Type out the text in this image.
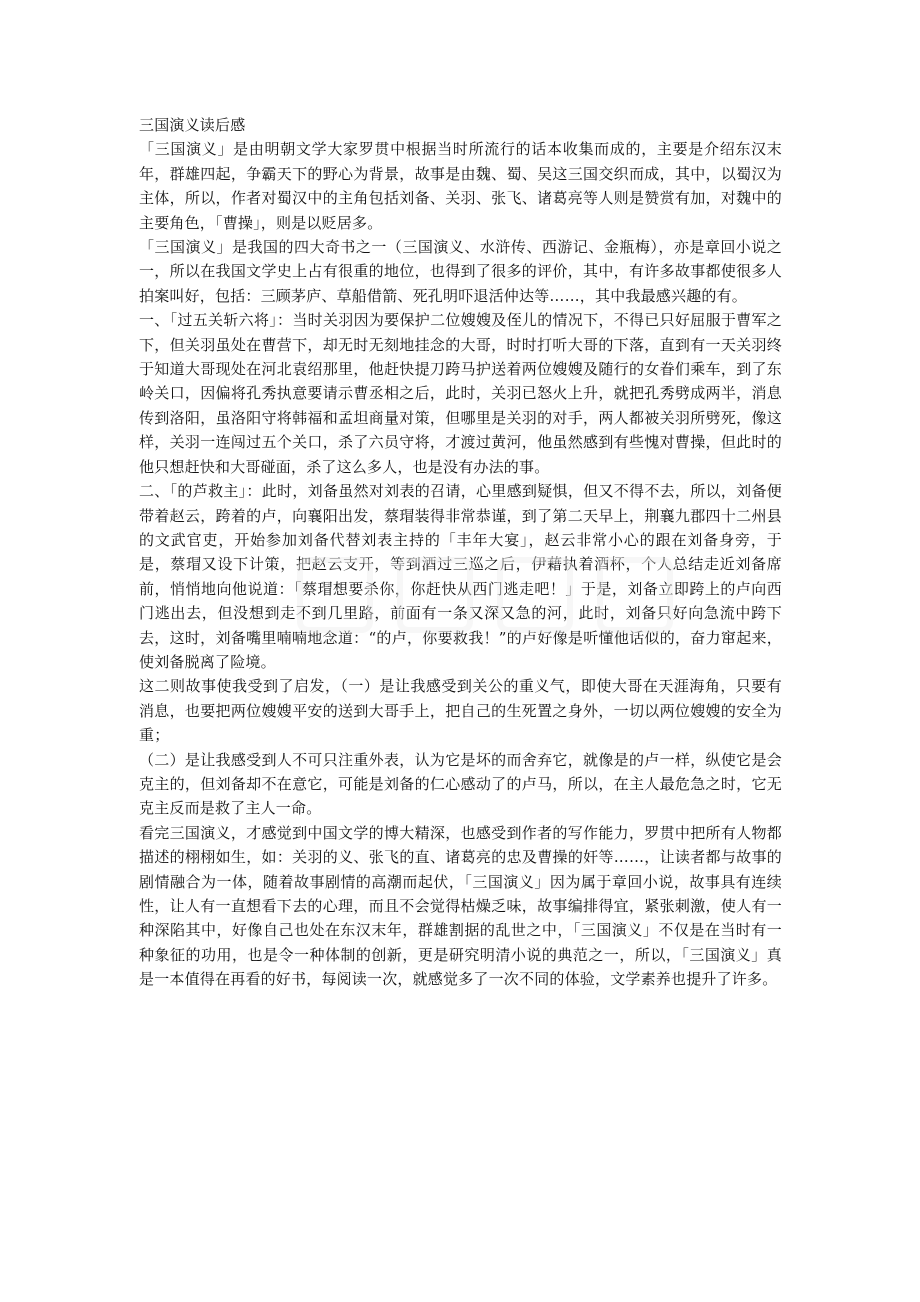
三国演义读后感

「三国演义」是由明朝文学大家罗贯中根据当时所流行的话本收集而成的，主要是介绍东汉末年，群雄四起，争霸天下的野心为背景，故事是由魏、蜀、吴这三国交织而成，其中，以蜀汉为主体，所以，作者对蜀汉中的主角包括刘备、关羽、张飞、诸葛亮等人则是赞赏有加，对魏中的主要角色，「曹操」，则是以贬居多。

「三国演义」是我国的四大奇书之一（三国演义、水浒传、西游记、金瓶梅），亦是章回小说之一，所以在我国文学史上占有很重的地位，也得到了很多的评价，其中，有许多故事都使很多人拍案叫好，包括：三顾茅庐、草船借箭、死孔明吓退活仲达等……，其中我最感兴趣的有。

一、「过五关斩六将」：当时关羽因为要保护二位嫂嫂及侄儿的情况下，不得已只好屈服于曹军之下，但关羽虽处在曹营下，却无时无刻地挂念的大哥，时时打听大哥的下落，直到有一天关羽终于知道大哥现处在河北袁绍那里，他赶快提刀跨马护送着两位嫂嫂及随行的女眷们乘车，到了东岭关口，因偏将孔秀执意要请示曹丞相之后，此时，关羽已怒火上升，就把孔秀劈成两半，消息传到洛阳，虽洛阳守将韩福和孟坦商量对策，但哪里是关羽的对手，两人都被关羽所劈死，像这样，关羽一连闯过五个关口，杀了六员守将，才渡过黄河，他虽然感到有些愧对曹操，但此时的他只想赶快和大哥碰面，杀了这么多人，也是没有办法的事。

二、「的芦救主」：此时，刘备虽然对刘表的召请，心里感到疑惧，但又不得不去，所以，刘备便带着赵云，跨着的卢，向襄阳出发，蔡瑁装得非常恭谨，到了第二天早上，荆襄九郡四十二州县的文武官吏，开始参加刘备代替刘表主持的「丰年大宴」，赵云非常小心的跟在刘备身旁，于是，蔡瑁又设下计策，把赵云支开，等到酒过三巡之后，伊藉执着酒杯，个人总结走近刘备席前，悄悄地向他说道：「蔡瑁想要杀你，你赶快从西门逃走吧！」于是，刘备立即跨上的卢向西门逃出去，但没想到走不到几里路，前面有一条又深又急的河，此时，刘备只好向急流中跨下去，这时，刘备嘴里喃喃地念道：“的卢，你要救我！”的卢好像是听懂他话似的，奋力窜起来，使刘备脱离了险境。

这二则故事使我受到了启发，（一）是让我感受到关公的重义气，即使大哥在天涯海角，只要有消息，也要把两位嫂嫂平安的送到大哥手上，把自己的生死置之身外，一切以两位嫂嫂的安全为重；

（二）是让我感受到人不可只注重外表，认为它是坏的而舍弃它，就像是的卢一样，纵使它是会克主的，但刘备却不在意它，可能是刘备的仁心感动了的卢马，所以，在主人最危急之时，它无克主反而是救了主人一命。

看完三国演义，才感觉到中国文学的博大精深，也感受到作者的写作能力，罗贯中把所有人物都描述的栩栩如生，如：关羽的义、张飞的直、诸葛亮的忠及曹操的奸等……，让读者都与故事的剧情融合为一体，随着故事剧情的高潮而起伏，「三国演义」因为属于章回小说，故事具有连续性，让人有一直想看下去的心理，而且不会觉得枯燥乏味，故事编排得宜，紧张刺激，使人有一种深陷其中，好像自己也处在东汉末年，群雄割据的乱世之中，「三国演义」不仅是在当时有一种象征的功用，也是令一种体制的创新，更是研究明清小说的典范之一，所以，「三国演义」真是一本值得在再看的好书，每阅读一次，就感觉多了一次不同的体验，文学素养也提升了许多。
